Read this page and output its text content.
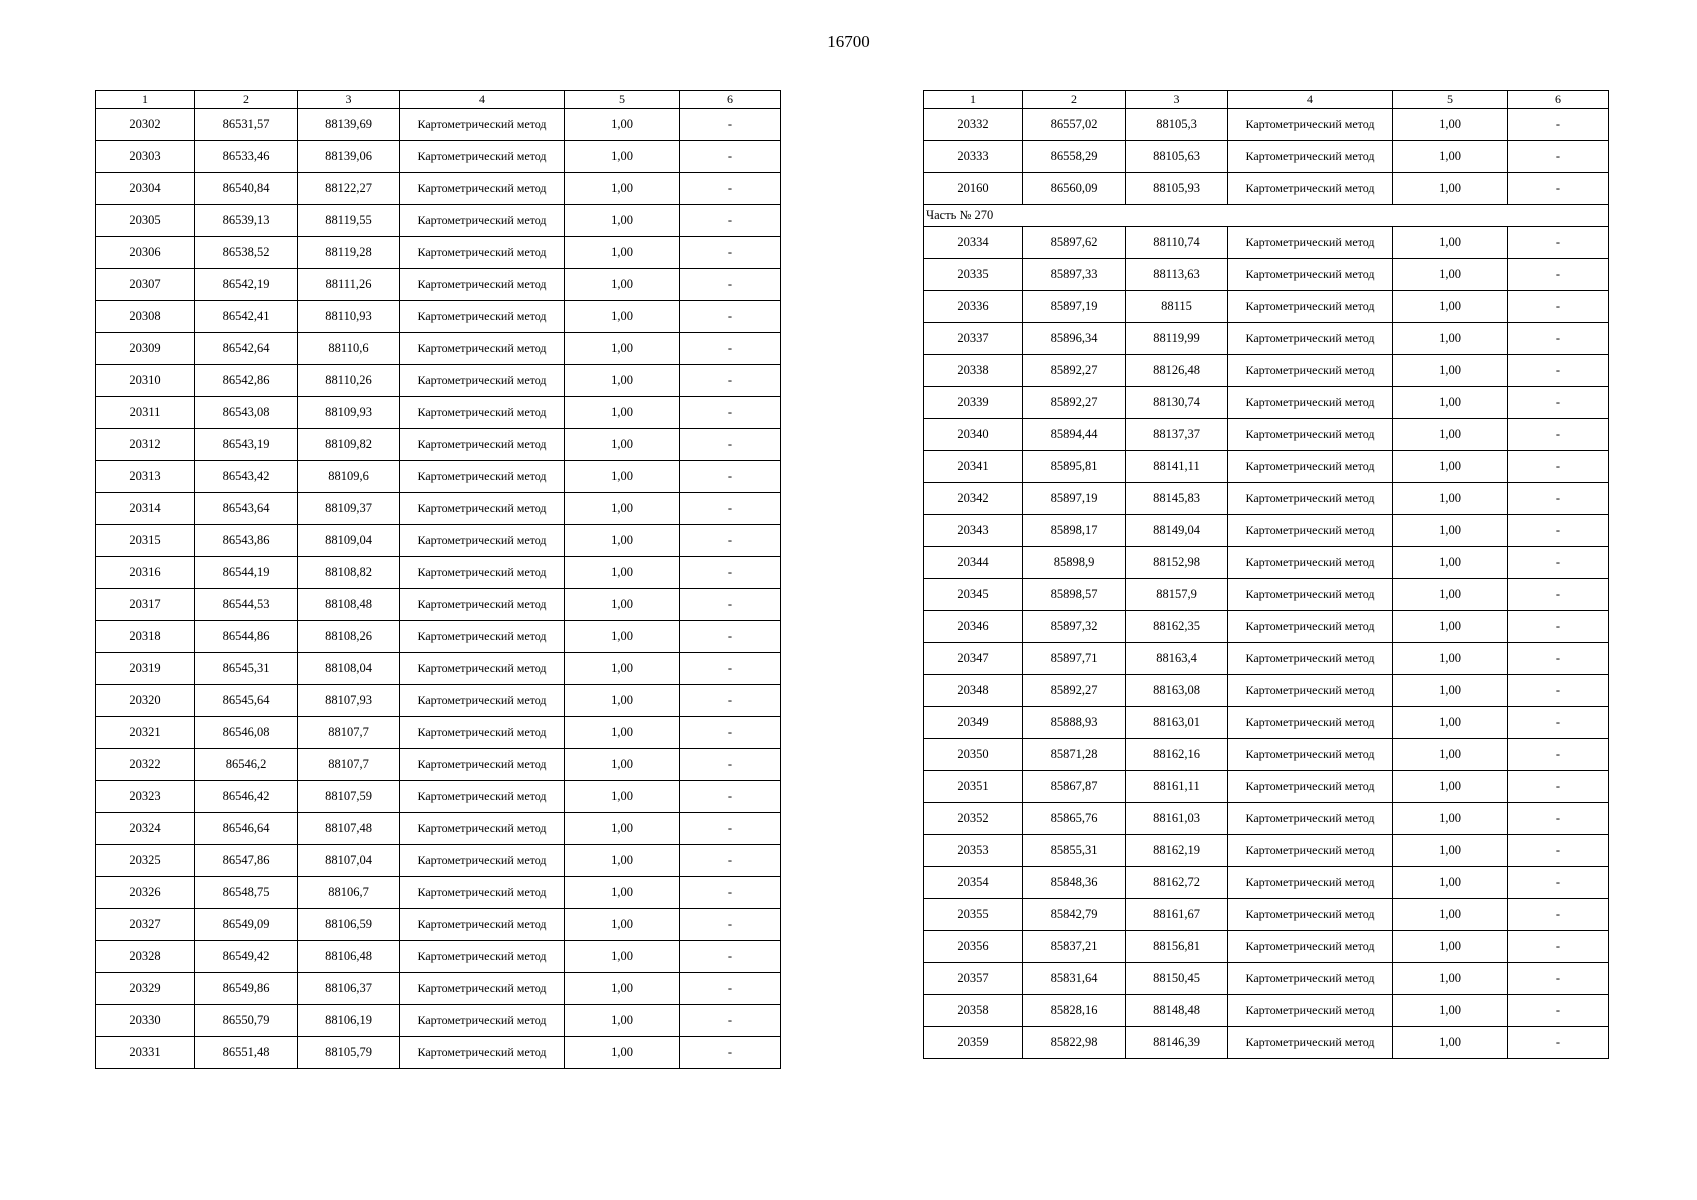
16700
1	2	3	4	5	6
20302	86531,57	88139,69	Картометрический метод	1,00	-
20303	86533,46	88139,06	Картометрический метод	1,00	-
20304	86540,84	88122,27	Картометрический метод	1,00	-
20305	86539,13	88119,55	Картометрический метод	1,00	-
20306	86538,52	88119,28	Картометрический метод	1,00	-
20307	86542,19	88111,26	Картометрический метод	1,00	-
20308	86542,41	88110,93	Картометрический метод	1,00	-
20309	86542,64	88110,6	Картометрический метод	1,00	-
20310	86542,86	88110,26	Картометрический метод	1,00	-
20311	86543,08	88109,93	Картометрический метод	1,00	-
20312	86543,19	88109,82	Картометрический метод	1,00	-
20313	86543,42	88109,6	Картометрический метод	1,00	-
20314	86543,64	88109,37	Картометрический метод	1,00	-
20315	86543,86	88109,04	Картометрический метод	1,00	-
20316	86544,19	88108,82	Картометрический метод	1,00	-
20317	86544,53	88108,48	Картометрический метод	1,00	-
20318	86544,86	88108,26	Картометрический метод	1,00	-
20319	86545,31	88108,04	Картометрический метод	1,00	-
20320	86545,64	88107,93	Картометрический метод	1,00	-
20321	86546,08	88107,7	Картометрический метод	1,00	-
20322	86546,2	88107,7	Картометрический метод	1,00	-
20323	86546,42	88107,59	Картометрический метод	1,00	-
20324	86546,64	88107,48	Картометрический метод	1,00	-
20325	86547,86	88107,04	Картометрический метод	1,00	-
20326	86548,75	88106,7	Картометрический метод	1,00	-
20327	86549,09	88106,59	Картометрический метод	1,00	-
20328	86549,42	88106,48	Картометрический метод	1,00	-
20329	86549,86	88106,37	Картометрический метод	1,00	-
20330	86550,79	88106,19	Картометрический метод	1,00	-
20331	86551,48	88105,79	Картометрический метод	1,00	-
1	2	3	4	5	6
20332	86557,02	88105,3	Картометрический метод	1,00	-
20333	86558,29	88105,63	Картометрический метод	1,00	-
20160	86560,09	88105,93	Картометрический метод	1,00	-
Часть № 270					
20334	85897,62	88110,74	Картометрический метод	1,00	-
20335	85897,33	88113,63	Картометрический метод	1,00	-
20336	85897,19	88115	Картометрический метод	1,00	-
20337	85896,34	88119,99	Картометрический метод	1,00	-
20338	85892,27	88126,48	Картометрический метод	1,00	-
20339	85892,27	88130,74	Картометрический метод	1,00	-
20340	85894,44	88137,37	Картометрический метод	1,00	-
20341	85895,81	88141,11	Картометрический метод	1,00	-
20342	85897,19	88145,83	Картометрический метод	1,00	-
20343	85898,17	88149,04	Картометрический метод	1,00	-
20344	85898,9	88152,98	Картометрический метод	1,00	-
20345	85898,57	88157,9	Картометрический метод	1,00	-
20346	85897,32	88162,35	Картометрический метод	1,00	-
20347	85897,71	88163,4	Картометрический метод	1,00	-
20348	85892,27	88163,08	Картометрический метод	1,00	-
20349	85888,93	88163,01	Картометрический метод	1,00	-
20350	85871,28	88162,16	Картометрический метод	1,00	-
20351	85867,87	88161,11	Картометрический метод	1,00	-
20352	85865,76	88161,03	Картометрический метод	1,00	-
20353	85855,31	88162,19	Картометрический метод	1,00	-
20354	85848,36	88162,72	Картометрический метод	1,00	-
20355	85842,79	88161,67	Картометрический метод	1,00	-
20356	85837,21	88156,81	Картометрический метод	1,00	-
20357	85831,64	88150,45	Картометрический метод	1,00	-
20358	85828,16	88148,48	Картометрический метод	1,00	-
20359	85822,98	88146,39	Картометрический метод	1,00	-
